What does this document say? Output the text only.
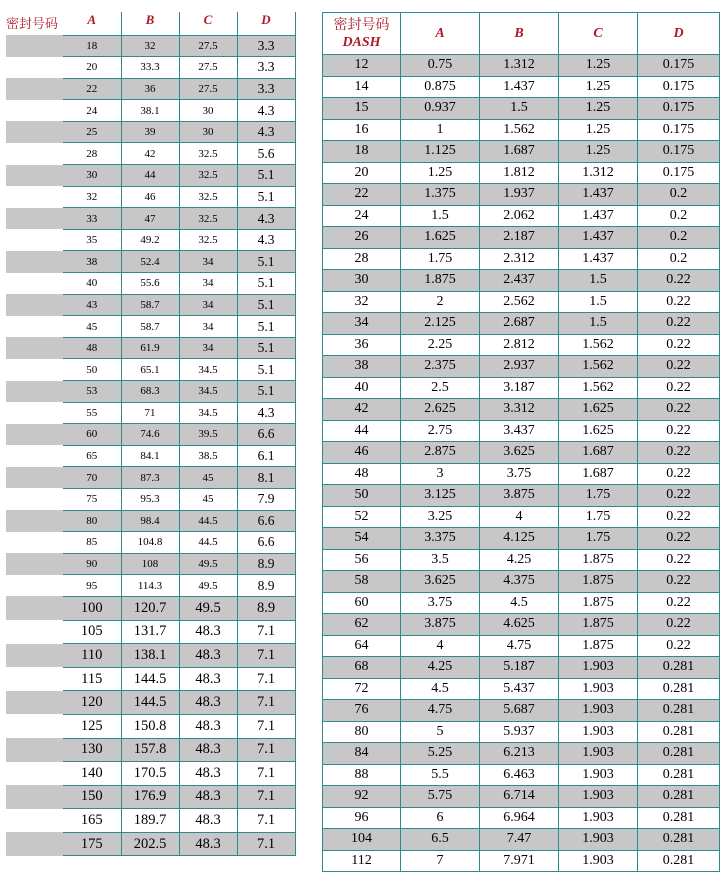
密封号码	A	B	C	D
	18	32	27.5	3.3
	20	33.3	27.5	3.3
	22	36	27.5	3.3
	24	38.1	30	4.3
	25	39	30	4.3
	28	42	32.5	5.6
	30	44	32.5	5.1
	32	46	32.5	5.1
	33	47	32.5	4.3
	35	49.2	32.5	4.3
	38	52.4	34	5.1
	40	55.6	34	5.1
	43	58.7	34	5.1
	45	58.7	34	5.1
	48	61.9	34	5.1
	50	65.1	34.5	5.1
	53	68.3	34.5	5.1
	55	71	34.5	4.3
	60	74.6	39.5	6.6
	65	84.1	38.5	6.1
	70	87.3	45	8.1
	75	95.3	45	7.9
	80	98.4	44.5	6.6
	85	104.8	44.5	6.6
	90	108	49.5	8.9
	95	114.3	49.5	8.9
	100	120.7	49.5	8.9
	105	131.7	48.3	7.1
	110	138.1	48.3	7.1
	115	144.5	48.3	7.1
	120	144.5	48.3	7.1
	125	150.8	48.3	7.1
	130	157.8	48.3	7.1
	140	170.5	48.3	7.1
	150	176.9	48.3	7.1
	165	189.7	48.3	7.1
	175	202.5	48.3	7.1
密封号码
DASH	A	B	C	D
12	0.75	1.312	1.25	0.175
14	0.875	1.437	1.25	0.175
15	0.937	1.5	1.25	0.175
16	1	1.562	1.25	0.175
18	1.125	1.687	1.25	0.175
20	1.25	1.812	1.312	0.175
22	1.375	1.937	1.437	0.2
24	1.5	2.062	1.437	0.2
26	1.625	2.187	1.437	0.2
28	1.75	2.312	1.437	0.2
30	1.875	2.437	1.5	0.22
32	2	2.562	1.5	0.22
34	2.125	2.687	1.5	0.22
36	2.25	2.812	1.562	0.22
38	2.375	2.937	1.562	0.22
40	2.5	3.187	1.562	0.22
42	2.625	3.312	1.625	0.22
44	2.75	3.437	1.625	0.22
46	2.875	3.625	1.687	0.22
48	3	3.75	1.687	0.22
50	3.125	3.875	1.75	0.22
52	3.25	4	1.75	0.22
54	3.375	4.125	1.75	0.22
56	3.5	4.25	1.875	0.22
58	3.625	4.375	1.875	0.22
60	3.75	4.5	1.875	0.22
62	3.875	4.625	1.875	0.22
64	4	4.75	1.875	0.22
68	4.25	5.187	1.903	0.281
72	4.5	5.437	1.903	0.281
76	4.75	5.687	1.903	0.281
80	5	5.937	1.903	0.281
84	5.25	6.213	1.903	0.281
88	5.5	6.463	1.903	0.281
92	5.75	6.714	1.903	0.281
96	6	6.964	1.903	0.281
104	6.5	7.47	1.903	0.281
112	7	7.971	1.903	0.281
